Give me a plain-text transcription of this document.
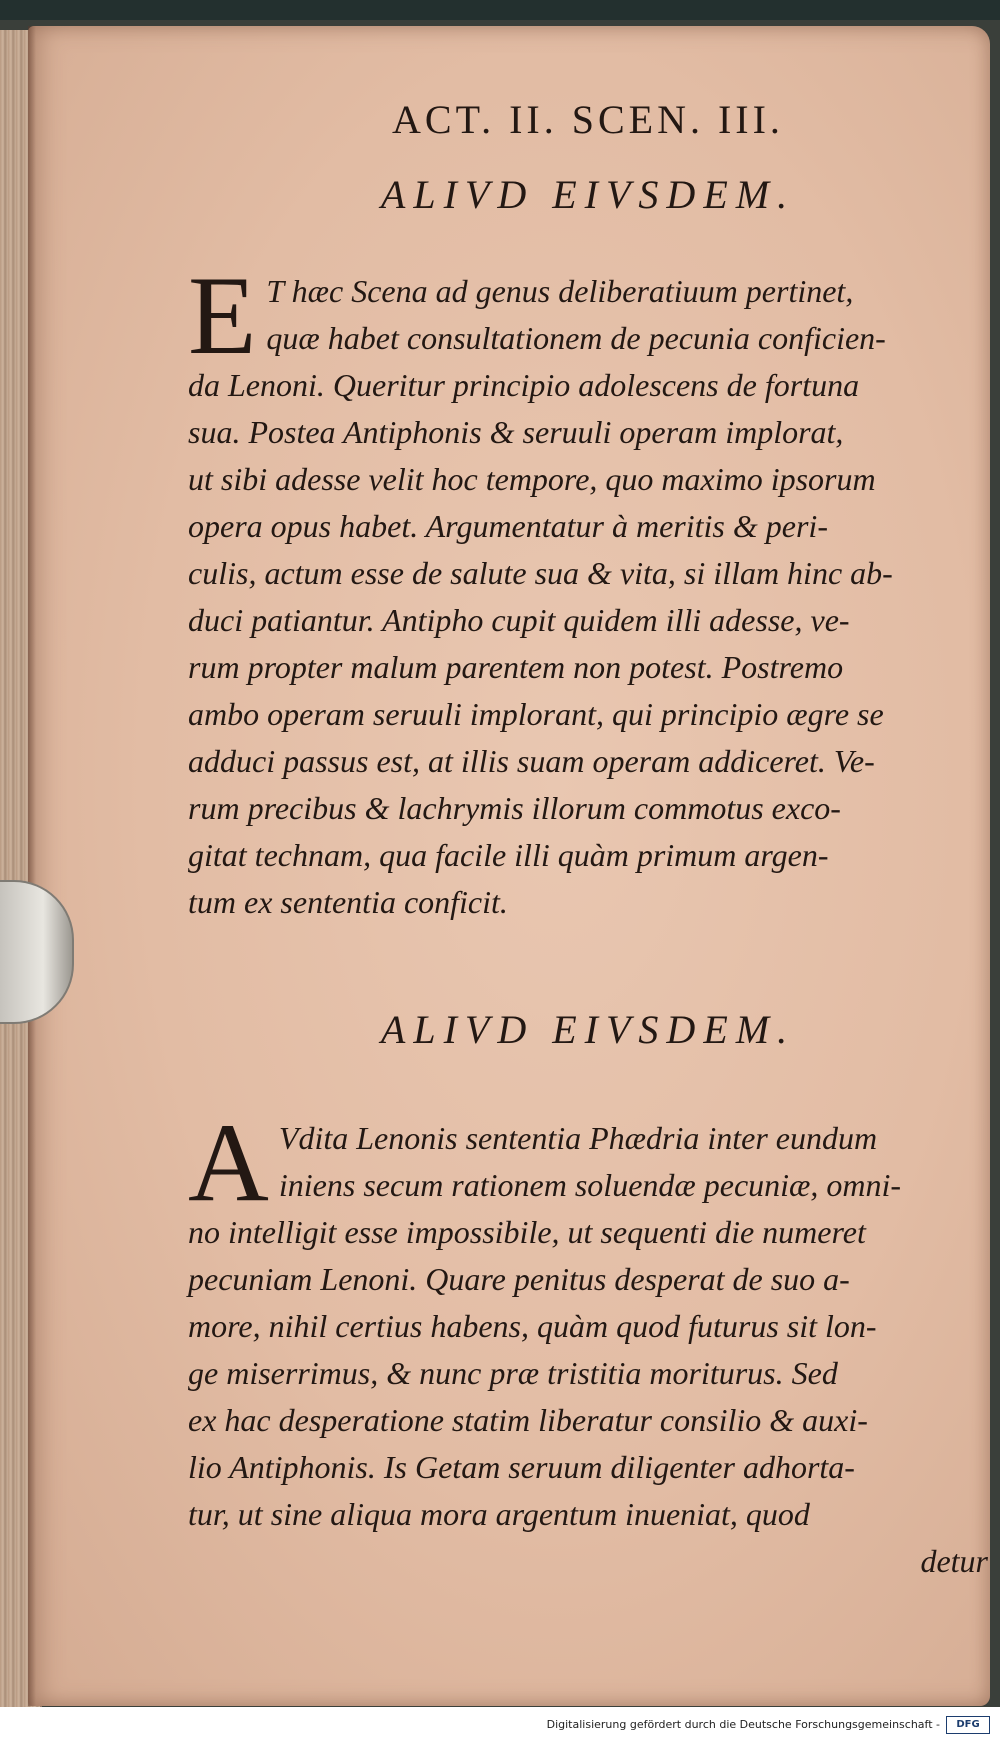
ACT. II. SCEN. III.
ALIVD EIVSDEM.
E T hæc Scena ad genus deliberatiuum pertinet,
quæ habet consultationem de pecunia conficien-
da Lenoni. Queritur principio adolescens de fortuna
sua. Postea Antiphonis & seruuli operam implorat,
ut sibi adesse velit hoc tempore, quo maximo ipsorum
opera opus habet. Argumentatur à meritis & peri-
culis, actum esse de salute sua & vita, si illam hinc ab-
duci patiantur. Antipho cupit quidem illi adesse, ve-
rum propter malum parentem non potest. Postremo
ambo operam seruuli implorant, qui principio ægre se
adduci passus est, at illis suam operam addiceret. Ve-
rum precibus & lachrymis illorum commotus exco-
gitat technam, qua facile illi quàm primum argen-
tum ex sententia conficit.
ALIVD EIVSDEM.
A Vdita Lenonis sententia Phædria inter eundum
iniens secum rationem soluendæ pecuniæ, omni-
no intelligit esse impossibile, ut sequenti die numeret
pecuniam Lenoni. Quare penitus desperat de suo a-
more, nihil certius habens, quàm quod futurus sit lon-
ge miserrimus, & nunc præ tristitia moriturus. Sed
ex hac desperatione statim liberatur consilio & auxi-
lio Antiphonis. Is Getam seruum diligenter adhorta-
tur, ut sine aliqua mora argentum inueniat, quod
detur
Digitalisierung gefördert durch die Deutsche Forschungsgemeinschaft -	DFG
